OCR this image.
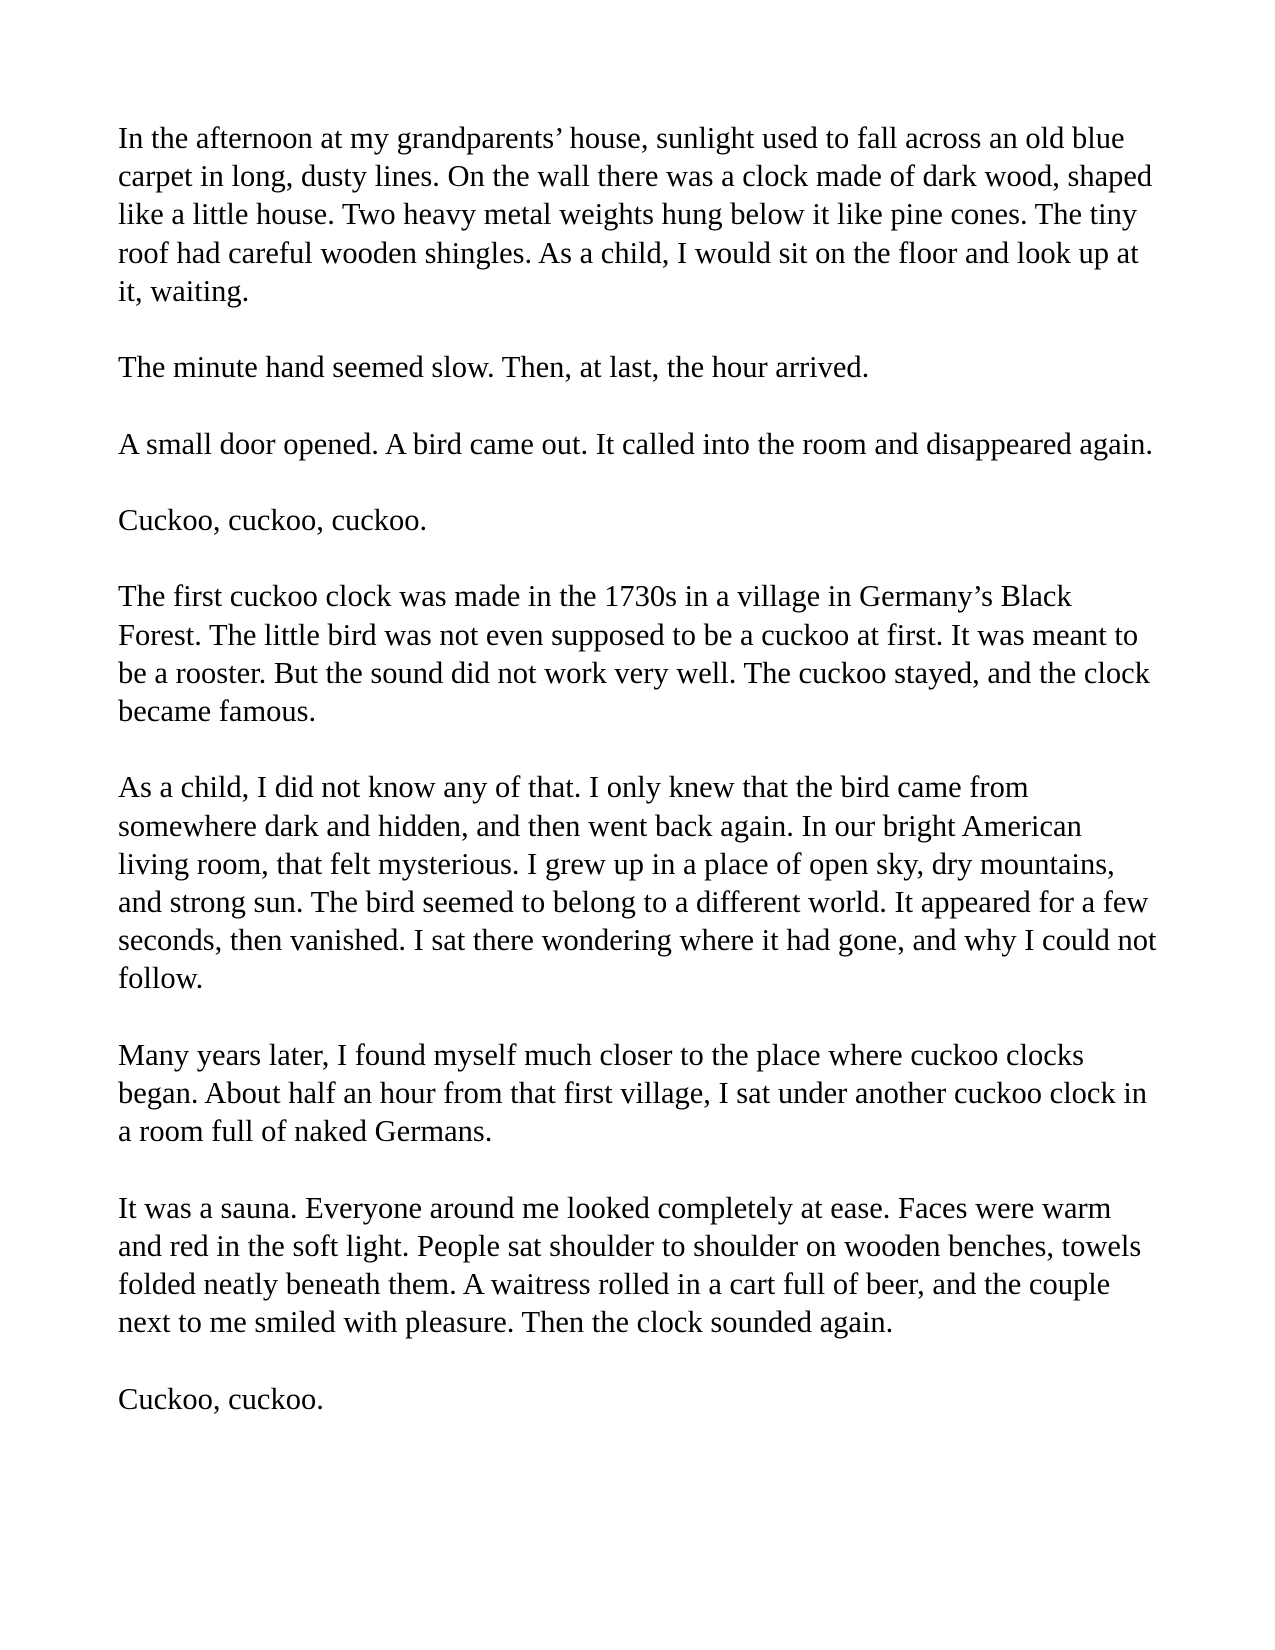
In the afternoon at my grandparents’ house, sunlight used to fall across an old blue carpet in long, dusty lines. On the wall there was a clock made of dark wood, shaped like a little house. Two heavy metal weights hung below it like pine cones. The tiny roof had careful wooden shingles. As a child, I would sit on the floor and look up at it, waiting.

The minute hand seemed slow. Then, at last, the hour arrived.

A small door opened. A bird came out. It called into the room and disappeared again.

Cuckoo, cuckoo, cuckoo.

The first cuckoo clock was made in the 1730s in a village in Germany’s Black Forest. The little bird was not even supposed to be a cuckoo at first. It was meant to be a rooster. But the sound did not work very well. The cuckoo stayed, and the clock became famous.

As a child, I did not know any of that. I only knew that the bird came from somewhere dark and hidden, and then went back again. In our bright American living room, that felt mysterious. I grew up in a place of open sky, dry mountains, and strong sun. The bird seemed to belong to a different world. It appeared for a few seconds, then vanished. I sat there wondering where it had gone, and why I could not follow.

Many years later, I found myself much closer to the place where cuckoo clocks began. About half an hour from that first village, I sat under another cuckoo clock in a room full of naked Germans.

It was a sauna. Everyone around me looked completely at ease. Faces were warm and red in the soft light. People sat shoulder to shoulder on wooden benches, towels folded neatly beneath them. A waitress rolled in a cart full of beer, and the couple next to me smiled with pleasure. Then the clock sounded again.

Cuckoo, cuckoo.
